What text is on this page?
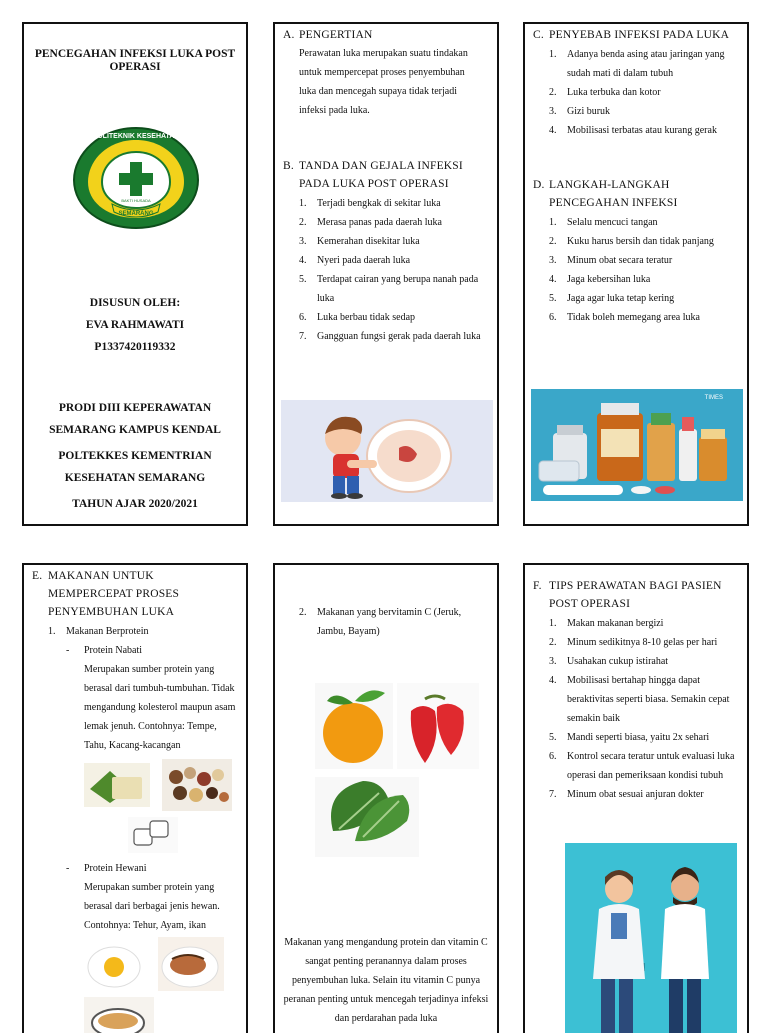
PENCEGAHAN INFEKSI LUKA POST OPERASI
POLITEKNIK KESEHATAN
SEMARANG
BAKTI HUSADA
DISUSUN OLEH:
EVA RAHMAWATI
P1337420119332
PRODI DIII KEPERAWATAN
SEMARANG KAMPUS KENDAL
POLTEKKES KEMENTRIAN
KESEHATAN SEMARANG
TAHUN AJAR 2020/2021
A. PENGERTIAN
Perawatan luka merupakan suatu tindakan untuk mempercepat proses penyembuhan luka dan mencegah supaya tidak terjadi infeksi pada luka.
B. TANDA DAN GEJALA INFEKSI PADA LUKA POST OPERASI
1.	Terjadi bengkak di sekitar luka
2.	Merasa panas pada daerah luka
3.	Kemerahan disekitar luka
4.	Nyeri pada daerah luka
5.	Terdapat cairan yang berupa nanah pada luka
6.	Luka berbau tidak sedap
7.	Gangguan fungsi gerak pada daerah luka
C. PENYEBAB INFEKSI PADA LUKA
1.	Adanya benda asing atau jaringan yang sudah mati di dalam tubuh
2.	Luka terbuka dan kotor
3.	Gizi buruk
4.	Mobilisasi terbatas atau kurang gerak
D. LANGKAH-LANGKAH PENCEGAHAN INFEKSI
1.	Selalu mencuci tangan
2.	Kuku harus bersih dan tidak panjang
3.	Minum obat secara teratur
4.	Jaga kebersihan luka
5.	Jaga agar luka tetap kering
6.	Tidak boleh memegang area luka
TIMES
E. MAKANAN UNTUK MEMPERCEPAT PROSES PENYEMBUHAN LUKA
1.	Makanan Berprotein
-	Protein Nabati
Merupakan sumber protein yang berasal dari tumbuh-tumbuhan. Tidak mengandung kolesterol maupun asam lemak jenuh. Contohnya: Tempe, Tahu, Kacang-kacangan
-	Protein Hewani
Merupakan sumber protein yang berasal dari berbagai jenis hewan. Contohnya: Tehur, Ayam, ikan
2.	Makanan yang bervitamin C (Jeruk, Jambu, Bayam)
Makanan yang mengandung protein dan vitamin C sangat penting peranannya dalam proses penyembuhan luka. Selain itu vitamin C punya peranan penting untuk mencegah terjadinya infeksi dan perdarahan pada luka
F. TIPS PERAWATAN BAGI PASIEN POST OPERASI
1.	Makan makanan bergizi
2.	Minum sedikitnya 8-10 gelas per hari
3.	Usahakan cukup istirahat
4.	Mobilisasi bertahap hingga dapat beraktivitas seperti biasa. Semakin cepat semakin baik
5.	Mandi seperti biasa, yaitu 2x sehari
6.	Kontrol secara teratur untuk evaluasi luka operasi dan pemeriksaan kondisi tubuh
7.	Minum obat sesuai anjuran dokter
